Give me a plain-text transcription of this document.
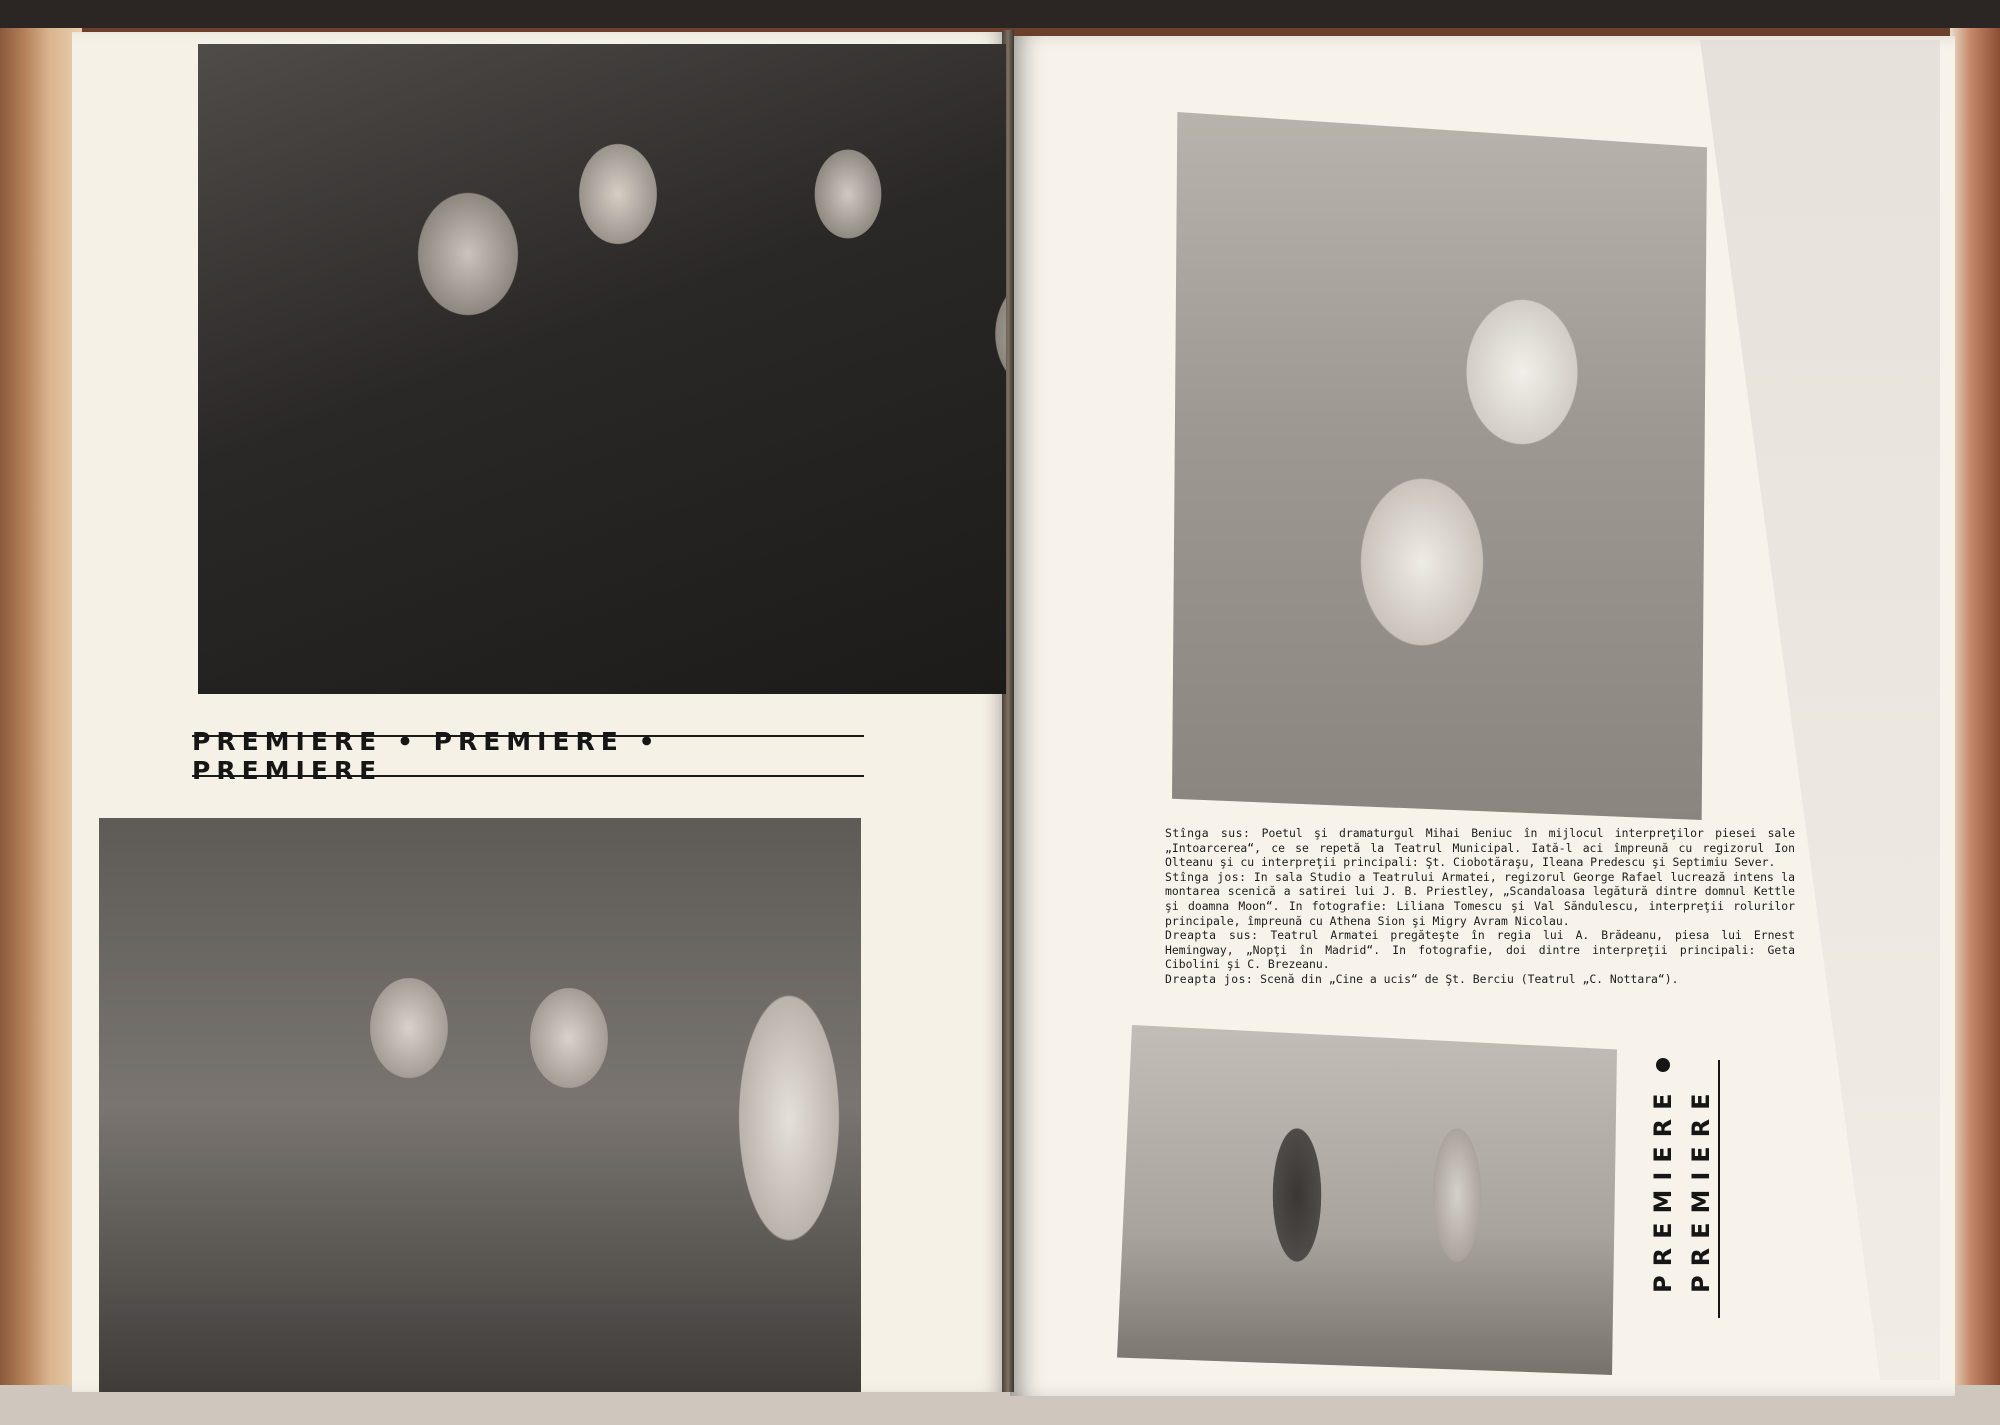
PREMIERE • PREMIERE • PREMIERE

Stînga sus: Poetul şi dramaturgul Mihai Beniuc în mijlocul interpreţilor piesei sale „Intoarcerea“, ce se repetă la Teatrul Municipal. Iată-l aci împreună cu regizorul Ion Olteanu şi cu interpreţii principali: Şt. Ciobotăraşu, Ileana Predescu şi Septimiu Sever.

Stînga jos: In sala Studio a Teatrului Armatei, regizorul George Rafael lucrează intens la montarea scenică a satirei lui J. B. Priestley, „Scandaloasa legătură dintre domnul Kettle şi doamna Moon“. In fotografie: Liliana Tomescu şi Val Săndulescu, interpreţii rolurilor principale, împreună cu Athena Sion şi Migry Avram Nicolau.

Dreapta sus: Teatrul Armatei pregăteşte în regia lui A. Brădeanu, piesa lui Ernest Hemingway, „Nopţi în Madrid“. In fotografie, doi dintre interpreţii principali: Geta Cibolini şi C. Brezeanu.

Dreapta jos: Scenă din „Cine a ucis“ de Şt. Berciu (Teatrul „C. Nottara“).

PREMIERE PREMIERE
